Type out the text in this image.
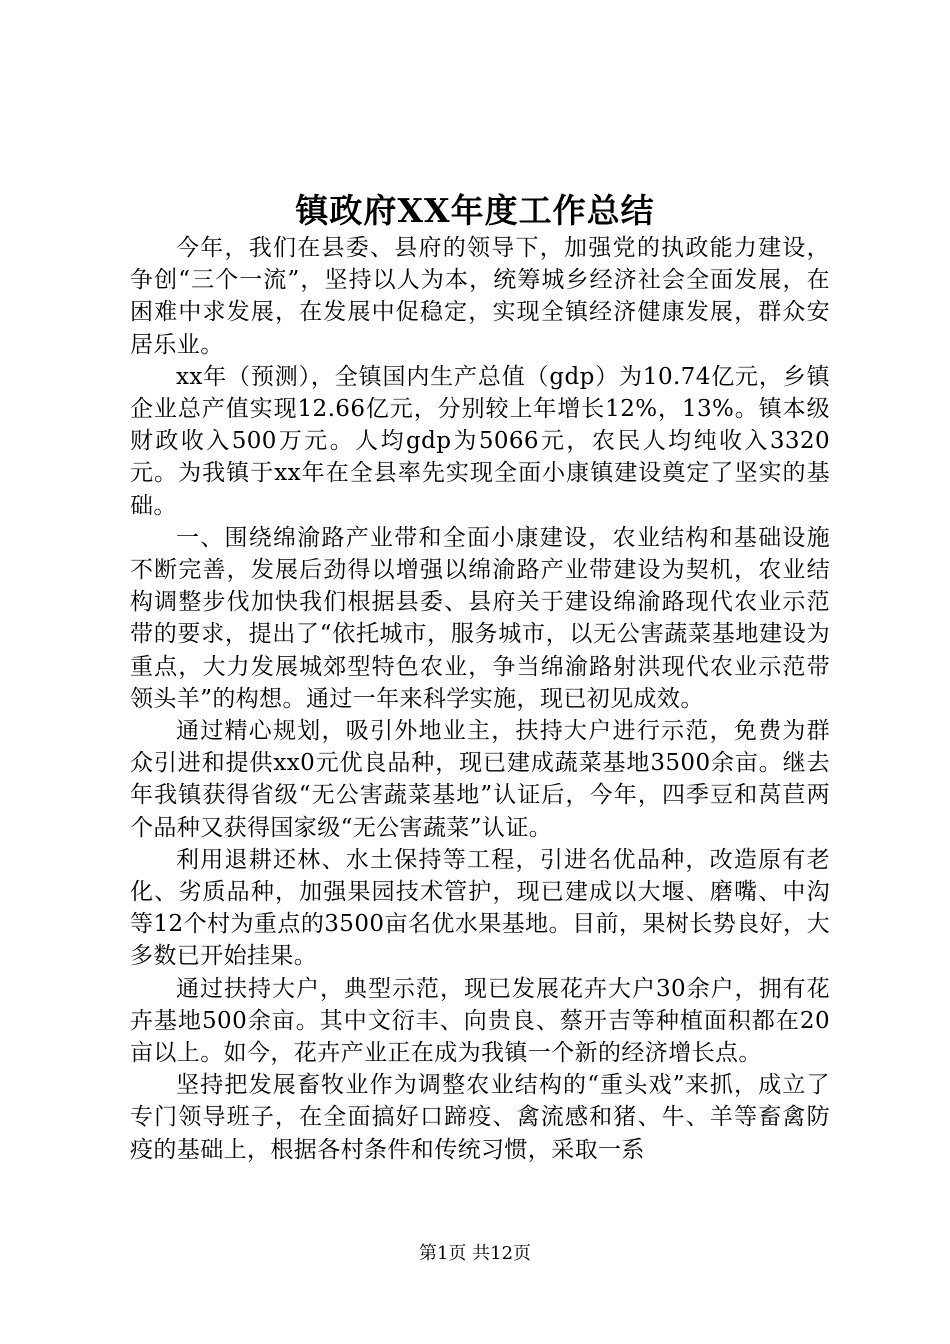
镇政府XX年度工作总结

今年，我们在县委、县府的领导下，加强党的执政能力建设，争创“三个一流”，坚持以人为本，统筹城乡经济社会全面发展，在困难中求发展，在发展中促稳定，实现全镇经济健康发展，群众安居乐业。

xx年（预测），全镇国内生产总值（gdp）为10.74亿元，乡镇企业总产值实现12.66亿元，分别较上年增长12%，13%。镇本级财政收入500万元。人均gdp为5066元，农民人均纯收入3320元。为我镇于xx年在全县率先实现全面小康镇建设奠定了坚实的基础。

一、围绕绵渝路产业带和全面小康建设，农业结构和基础设施不断完善，发展后劲得以增强以绵渝路产业带建设为契机，农业结构调整步伐加快我们根据县委、县府关于建设绵渝路现代农业示范带的要求，提出了“依托城市，服务城市，以无公害蔬菜基地建设为重点，大力发展城郊型特色农业，争当绵渝路射洪现代农业示范带领头羊”的构想。通过一年来科学实施，现已初见成效。

通过精心规划，吸引外地业主，扶持大户进行示范，免费为群众引进和提供xx0元优良品种，现已建成蔬菜基地3500余亩。继去年我镇获得省级“无公害蔬菜基地”认证后，今年，四季豆和莴苣两个品种又获得国家级“无公害蔬菜”认证。

利用退耕还林、水土保持等工程，引进名优品种，改造原有老化、劣质品种，加强果园技术管护，现已建成以大堰、磨嘴、中沟等12个村为重点的3500亩名优水果基地。目前，果树长势良好，大多数已开始挂果。

通过扶持大户，典型示范，现已发展花卉大户30余户，拥有花卉基地500余亩。其中文衍丰、向贵良、蔡开吉等种植面积都在20亩以上。如今，花卉产业正在成为我镇一个新的经济增长点。

坚持把发展畜牧业作为调整农业结构的“重头戏”来抓，成立了专门领导班子，在全面搞好口蹄疫、禽流感和猪、牛、羊等畜禽防疫的基础上，根据各村条件和传统习惯，采取一系

第1页 共12页
